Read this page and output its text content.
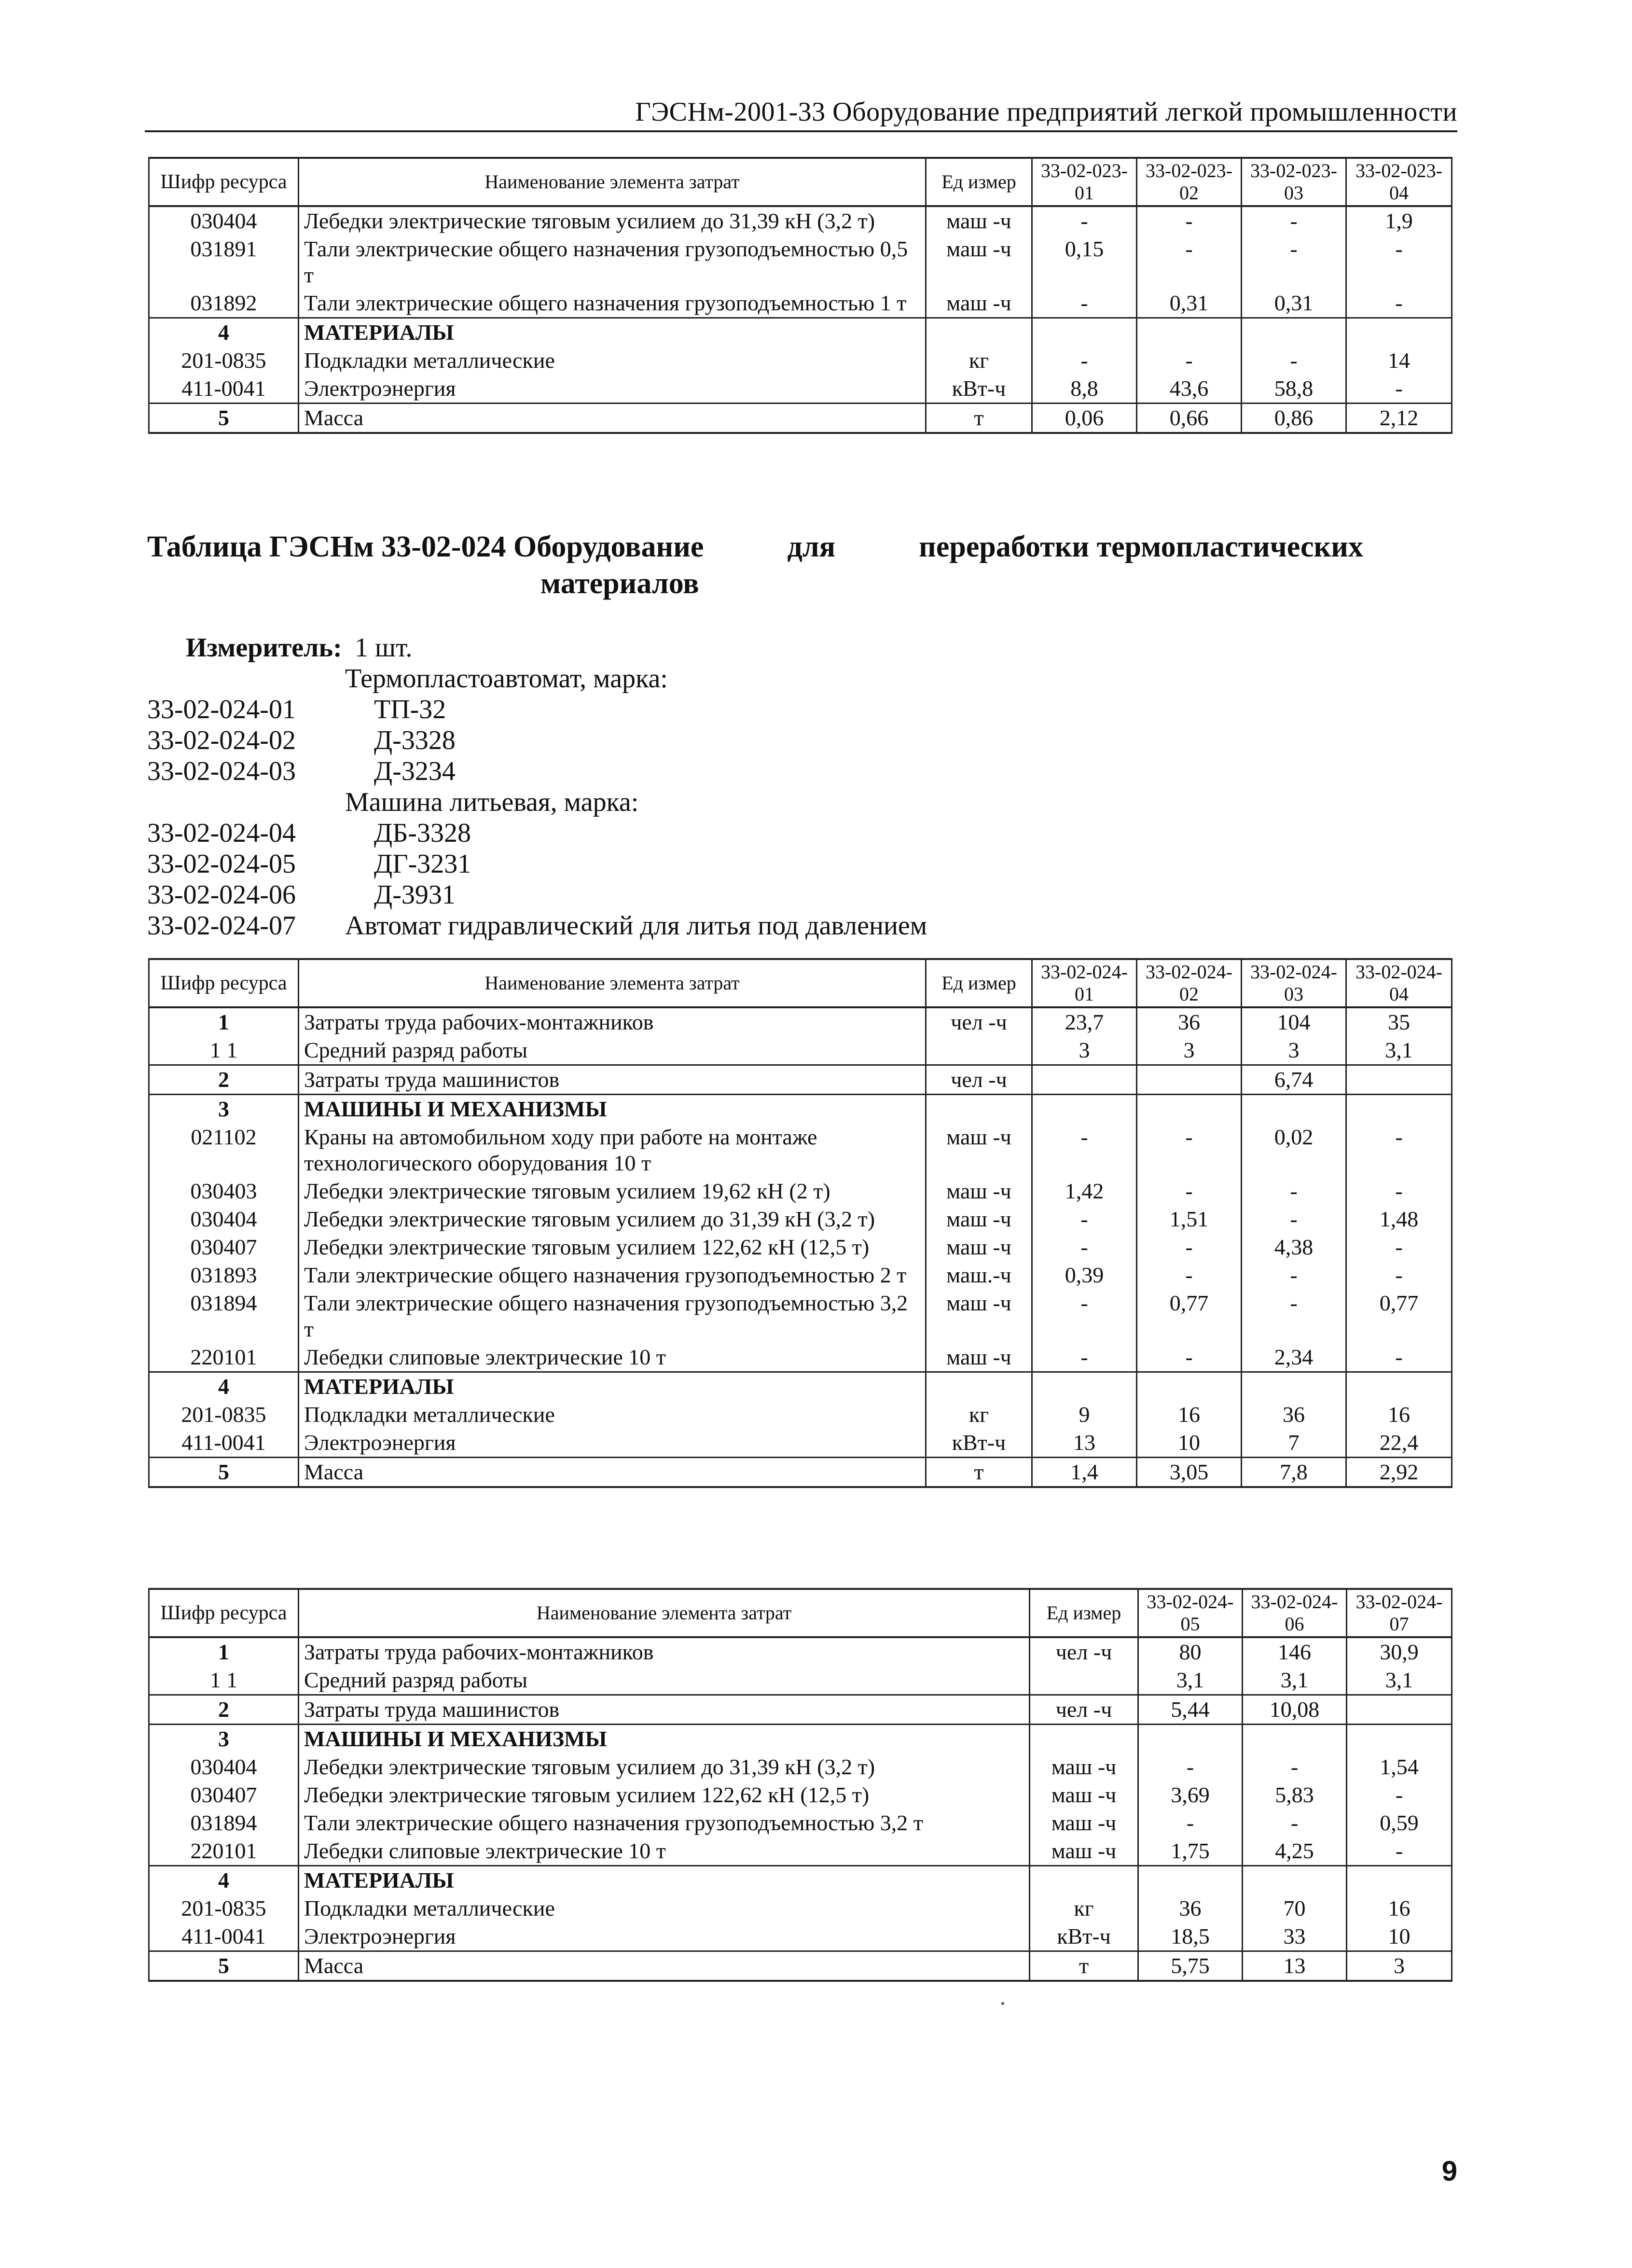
ГЭСНм-2001-33 Оборудование предприятий легкой промышленности
Шифр ресурса	Наименование элемента затрат	Ед измер	33-02-023-01	33-02-023-02	33-02-023-03	33-02-023-04
030404	Лебедки электрические тяговым усилием до 31,39 кН (3,2 т)	маш -ч	-	-	-	1,9
031891	Тали электрические общего назначения грузоподъемностью 0,5 т	маш -ч	0,15	-	-	-
031892	Тали электрические общего назначения грузоподъемностью 1 т	маш -ч	-	0,31	0,31	-
4	МАТЕРИАЛЫ					
201-0835	Подкладки металлические	кг	-	-	-	14
411-0041	Электроэнергия	кВт-ч	8,8	43,6	58,8	-
5	Масса	т	0,06	0,66	0,86	2,12
Таблица ГЭСНм 33-02-024 Оборудование	для	переработки термопластических
материалов
Измеритель: 1 шт.
Термопластоавтомат, марка:
33-02-024-01	ТП-32
33-02-024-02	Д-3328
33-02-024-03	Д-3234
Машина литьевая, марка:
33-02-024-04	ДБ-3328
33-02-024-05	ДГ-3231
33-02-024-06	Д-3931
33-02-024-07	Автомат гидравлический для литья под давлением
Шифр ресурса	Наименование элемента затрат	Ед измер	33-02-024-01	33-02-024-02	33-02-024-03	33-02-024-04
1	Затраты труда рабочих-монтажников	чел -ч	23,7	36	104	35
1 1	Средний разряд работы		3	3	3	3,1
2	Затраты труда машинистов	чел -ч			6,74	
3	МАШИНЫ И МЕХАНИЗМЫ					
021102	Краны на автомобильном ходу при работе на монтаже технологического оборудования 10 т	маш -ч	-	-	0,02	-
030403	Лебедки электрические тяговым усилием 19,62 кН (2 т)	маш -ч	1,42	-	-	-
030404	Лебедки электрические тяговым усилием до 31,39 кН (3,2 т)	маш -ч	-	1,51	-	1,48
030407	Лебедки электрические тяговым усилием 122,62 кН (12,5 т)	маш -ч	-	-	4,38	-
031893	Тали электрические общего назначения грузоподъемностью 2 т	маш.-ч	0,39	-	-	-
031894	Тали электрические общего назначения грузоподъемностью 3,2 т	маш -ч	-	0,77	-	0,77
220101	Лебедки слиповые электрические 10 т	маш -ч	-	-	2,34	-
4	МАТЕРИАЛЫ					
201-0835	Подкладки металлические	кг	9	16	36	16
411-0041	Электроэнергия	кВт-ч	13	10	7	22,4
5	Масса	т	1,4	3,05	7,8	2,92
Шифр ресурса	Наименование элемента затрат	Ед измер	33-02-024-05	33-02-024-06	33-02-024-07
1	Затраты труда рабочих-монтажников	чел -ч	80	146	30,9
1 1	Средний разряд работы		3,1	3,1	3,1
2	Затраты труда машинистов	чел -ч	5,44	10,08	
3	МАШИНЫ И МЕХАНИЗМЫ				
030404	Лебедки электрические тяговым усилием до 31,39 кН (3,2 т)	маш -ч	-	-	1,54
030407	Лебедки электрические тяговым усилием 122,62 кН (12,5 т)	маш -ч	3,69	5,83	-
031894	Тали электрические общего назначения грузоподъемностью 3,2 т	маш -ч	-	-	0,59
220101	Лебедки слиповые электрические 10 т	маш -ч	1,75	4,25	-
4	МАТЕРИАЛЫ				
201-0835	Подкладки металлические	кг	36	70	16
411-0041	Электроэнергия	кВт-ч	18,5	33	10
5	Масса	т	5,75	13	3
9
